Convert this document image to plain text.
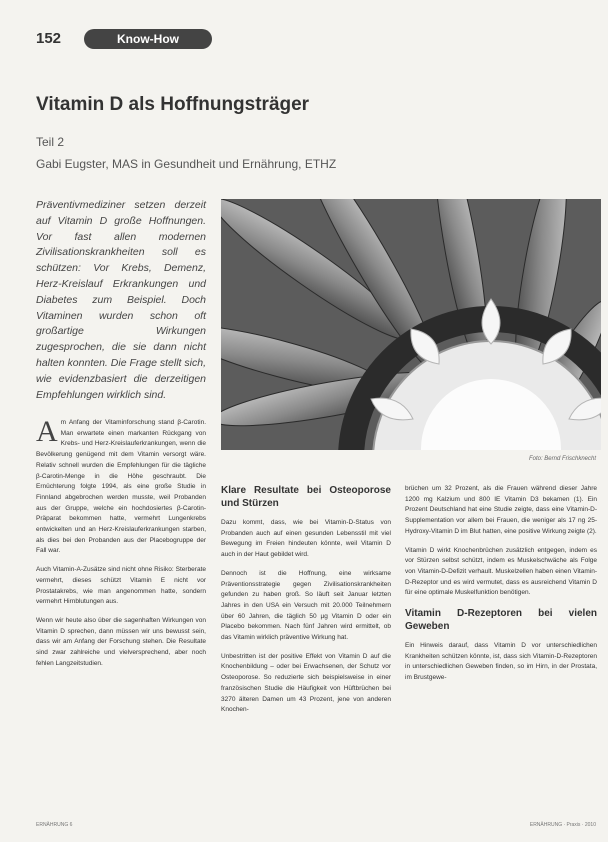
152	Know-How
Vitamin D als Hoffnungsträger
Teil 2
Gabi Eugster, MAS in Gesundheit und Ernährung, ETHZ

Präventivmediziner setzen derzeit auf Vitamin D große Hoffnungen. Vor fast allen modernen Zivilisationskrankheiten soll es schützen: Vor Krebs, Demenz, Herz-Kreislauf Erkrankungen und Diabetes zum Beispiel. Doch Vitaminen wurden schon oft großartige Wirkungen zugesprochen, die sie dann nicht halten konnten. Die Frage stellt sich, wie evidenzbasiert die derzeitigen Empfehlungen wirklich sind.

Foto: Bernd Frischknecht

Am Anfang der Vitaminforschung stand β-Carotin. Man erwartete einen markanten Rückgang von Krebs- und Herz-Kreislauferkrankungen, wenn die Bevölkerung genügend mit dem Vitamin versorgt wäre. Relativ schnell wurden die Empfehlungen für die tägliche β-Carotin-Menge in die Höhe geschraubt. Die Ernüchterung folgte 1994, als eine große Studie in Finnland abgebrochen werden musste, weil Probanden aus der Gruppe, welche ein hochdosiertes β-Carotin-Präparat bekommen hatte, vermehrt Lungenkrebs entwickelten und an Herz-Kreislauferkrankungen starben, als dies bei den Probanden aus der Placebogruppe der Fall war.

Auch Vitamin-A-Zusätze sind nicht ohne Risiko: Sterberate vermehrt, dieses schützt Vitamin E nicht vor Prostatakrebs, wie man angenommen hatte, sondern vermehrt Hirnblutungen aus.

Wenn wir heute also über die sagenhaften Wirkungen von Vitamin D sprechen, dann müssen wir uns bewusst sein, dass wir am Anfang der Forschung stehen. Die Resultate sind zwar zahlreiche und vielversprechend, aber noch fehlen Langzeitstudien.

Klare Resultate bei Osteoporose und Stürzen

Dazu kommt, dass, wie bei Vitamin-D-Status von Probanden auch auf einen gesunden Lebensstil mit viel Bewegung im Freien hindeuten könnte, weil Vitamin D auch in der Haut gebildet wird.

Dennoch ist die Hoffnung, eine wirksame Präventionsstrategie gegen Zivilisationskrankheiten gefunden zu haben groß. So läuft seit Januar letzten Jahres in den USA ein Versuch mit 20.000 Teilnehmern über 60 Jahren, die täglich 50 µg Vitamin D oder ein Placebo bekommen. Nach fünf Jahren wird ermittelt, ob das Vitamin wirklich präventive Wirkung hat.

Unbestritten ist der positive Effekt von Vitamin D auf die Knochenbildung – oder bei Erwachsenen, der Schutz vor Osteoporose. So reduzierte sich beispielsweise in einer französischen Studie die Häufigkeit von Hüftbrüchen bei 3270 älteren Damen um 43 Prozent, jene von anderen Knochen-

brüchen um 32 Prozent, als die Frauen während dieser Jahre 1200 mg Kalzium und 800 IE Vitamin D3 bekamen (1). Ein Prozent Deutschland hat eine Studie zeigte, dass eine Vitamin-D-Supplementation vor allem bei Frauen, die weniger als 17 ng 25-Hydroxy-Vitamin D im Blut hatten, eine positive Wirkung zeigte (2).

Vitamin D wirkt Knochenbrüchen zusätzlich entgegen, indem es vor Stürzen selbst schützt, indem es Muskelschwäche als Folge von Vitamin-D-Defizit verhault. Muskelzellen haben einen Vitamin-D-Rezeptor und es wird vermutet, dass es ausreichend Vitamin D für eine optimale Muskelfunktion benötigen.

Vitamin D-Rezeptoren bei vielen Geweben

Ein Hinweis darauf, dass Vitamin D vor unterschiedlichen Krankheiten schützen könnte, ist, dass sich Vitamin-D-Rezeptoren in unterschiedlichen Geweben finden, so im Hirn, in der Prostata, im Brustgewe-

ERNÄHRUNG 6	ERNÄHRUNG · Praxis · 2010
